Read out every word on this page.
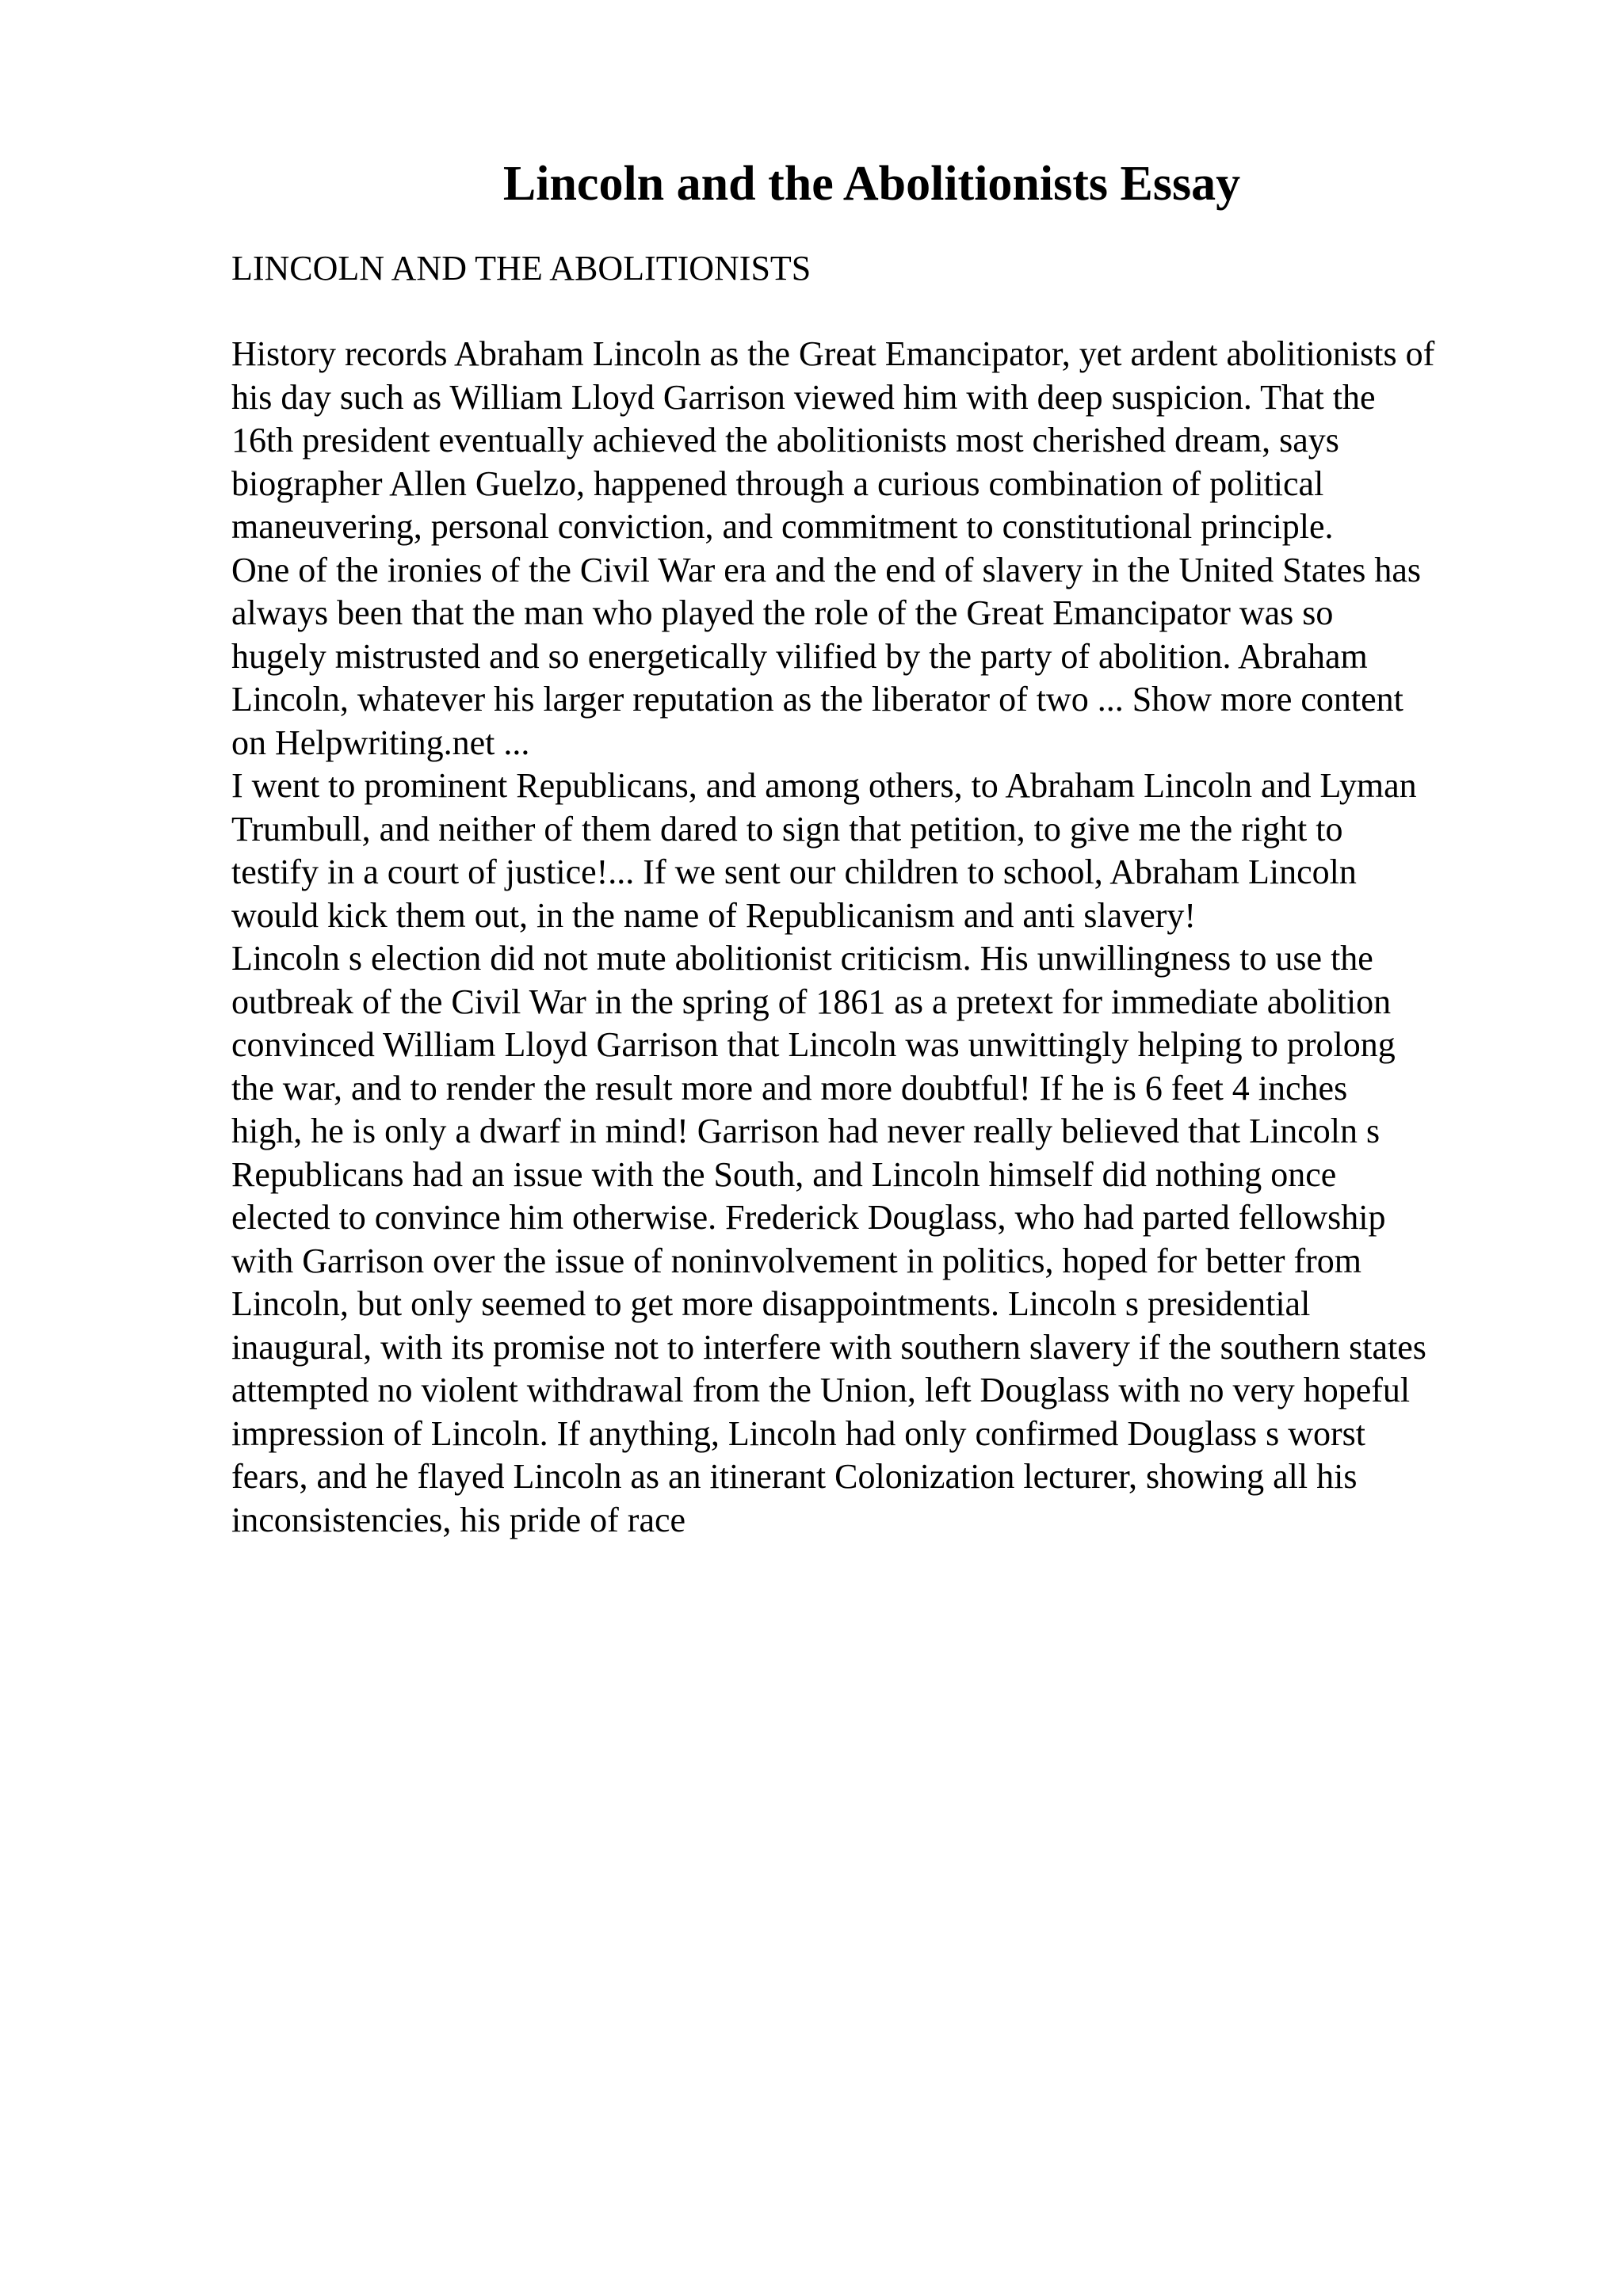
Lincoln and the Abolitionists Essay

LINCOLN AND THE ABOLITIONISTS

History records Abraham Lincoln as the Great Emancipator, yet ardent abolitionists of
his day such as William Lloyd Garrison viewed him with deep suspicion. That the
16th president eventually achieved the abolitionists most cherished dream, says
biographer Allen Guelzo, happened through a curious combination of political
maneuvering, personal conviction, and commitment to constitutional principle.
One of the ironies of the Civil War era and the end of slavery in the United States has
always been that the man who played the role of the Great Emancipator was so
hugely mistrusted and so energetically vilified by the party of abolition. Abraham
Lincoln, whatever his larger reputation as the liberator of two ... Show more content
on Helpwriting.net ...
I went to prominent Republicans, and among others, to Abraham Lincoln and Lyman
Trumbull, and neither of them dared to sign that petition, to give me the right to
testify in a court of justice!... If we sent our children to school, Abraham Lincoln
would kick them out, in the name of Republicanism and anti slavery!
Lincoln s election did not mute abolitionist criticism. His unwillingness to use the
outbreak of the Civil War in the spring of 1861 as a pretext for immediate abolition
convinced William Lloyd Garrison that Lincoln was unwittingly helping to prolong
the war, and to render the result more and more doubtful! If he is 6 feet 4 inches
high, he is only a dwarf in mind! Garrison had never really believed that Lincoln s
Republicans had an issue with the South, and Lincoln himself did nothing once
elected to convince him otherwise. Frederick Douglass, who had parted fellowship
with Garrison over the issue of noninvolvement in politics, hoped for better from
Lincoln, but only seemed to get more disappointments. Lincoln s presidential
inaugural, with its promise not to interfere with southern slavery if the southern states
attempted no violent withdrawal from the Union, left Douglass with no very hopeful
impression of Lincoln. If anything, Lincoln had only confirmed Douglass s worst
fears, and he flayed Lincoln as an itinerant Colonization lecturer, showing all his
inconsistencies, his pride of race
